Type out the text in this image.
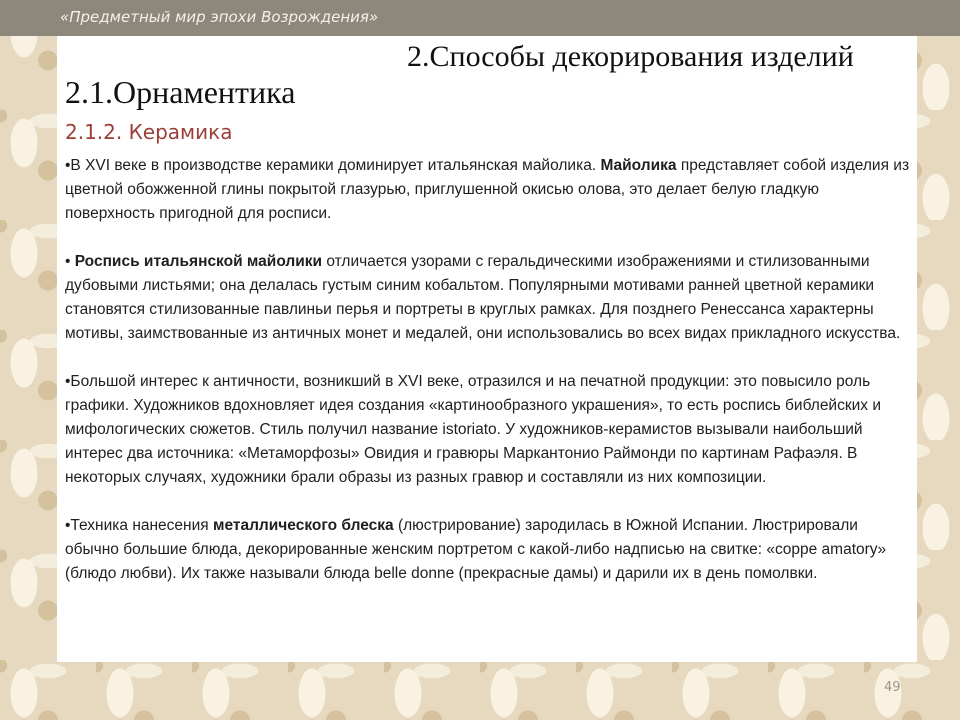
«Предметный мир эпохи Возрождения»
2.Способы декорирования изделий
2.1.Орнаментика
2.1.2. Керамика

•В XVI веке в производстве керамики доминирует итальянская майолика. Майолика представляет собой изделия из цветной обожженной глины покрытой глазурью, приглушенной окисью олова, это делает белую гладкую поверхность пригодной для росписи.

• Роспись итальянской майолики отличается узорами с геральдическими изображениями и стилизованными дубовыми листьями; она делалась густым синим кобальтом. Популярными мотивами ранней цветной керамики становятся стилизованные павлиньи перья и портреты в круглых рамках. Для позднего Ренессанса характерны мотивы, заимствованные из античных монет и медалей, они использовались во всех видах прикладного искусства.

•Большой интерес к античности, возникший в XVI веке, отразился и на печатной продукции: это повысило роль графики. Художников вдохновляет идея создания «картинообразного украшения», то есть роспись библейских и мифологических сюжетов. Стиль получил название istoriato. У художников-керамистов вызывали наибольший интерес два источника: «Метаморфозы» Овидия и гравюры Маркантонио Раймонди по картинам Рафаэля. В некоторых случаях, художники брали образы из разных гравюр и составляли из них композиции.

•Техника нанесения металлического блеска (люстрирование) зародилась в Южной Испании. Люстрировали обычно большие блюда, декорированные женским портретом с какой-либо надписью на свитке: «coppe amatory» (блюдо любви). Их также называли блюда belle donne (прекрасные дамы) и дарили их в день помолвки.

49
